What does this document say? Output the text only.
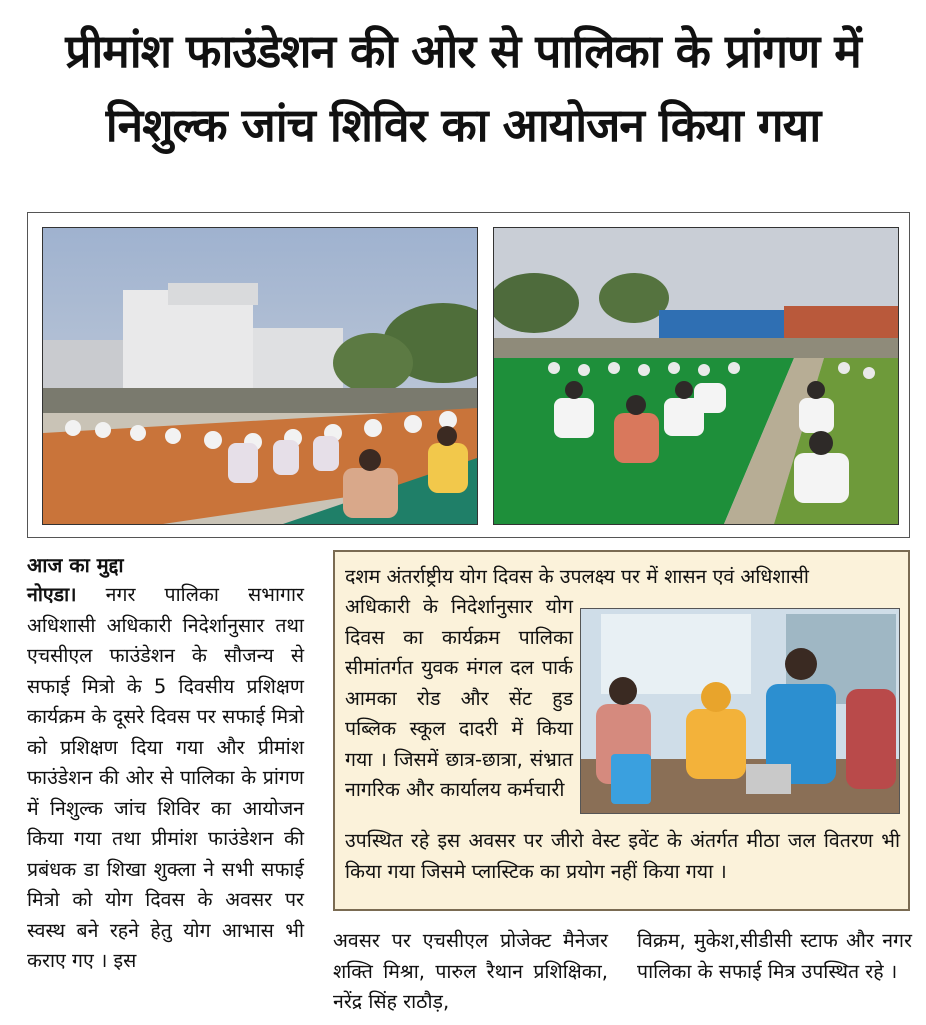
प्रीमांश फाउंडेशन की ओर से पालिका के प्रांगण में
निशुल्क जांच शिविर का आयोजन किया गया
आज का मुद्दा
नोएडा। नगर पालिका सभागार अधिशासी अधिकारी निदेर्शानुसार तथा एचसीएल फाउंडेशन के सौजन्य से सफाई मित्रो के 5 दिवसीय प्रशिक्षण कार्यक्रम के दूसरे दिवस पर सफाई मित्रो को प्रशिक्षण दिया गया और प्रीमांश फाउंडेशन की ओर से पालिका के प्रांगण में निशुल्क जांच शिविर का आयोजन किया गया तथा प्रीमांश फाउंडेशन की प्रबंधक डा शिखा शुक्ला ने सभी सफाई मित्रो को योग दिवस के अवसर पर स्वस्थ बने रहने हेतु योग आभास भी कराए गए । इस
दशम अंतर्राष्ट्रीय योग दिवस के उपलक्ष्य पर में शासन एवं अधिशासी
अधिकारी के निदेर्शानुसार योग दिवस का कार्यक्रम पालिका सीमांतर्गत युवक मंगल दल पार्क आमका रोड और सेंट हुड पब्लिक स्कूल दादरी में किया गया । जिसमें छात्र-छात्रा, संभ्रात नागरिक और कार्यालय कर्मचारी
उपस्थित रहे इस अवसर पर जीरो वेस्ट इवेंट के अंतर्गत मीठा जल वितरण भी किया गया जिसमे प्लास्टिक का प्रयोग नहीं किया गया ।
अवसर पर एचसीएल प्रोजेक्ट मैनेजर शक्ति मिश्रा, पारुल रैथान प्रशिक्षिका, नरेंद्र सिंह राठौड़,
विक्रम, मुकेश,सीडीसी स्टाफ और नगर पालिका के सफाई मित्र उपस्थित रहे ।
